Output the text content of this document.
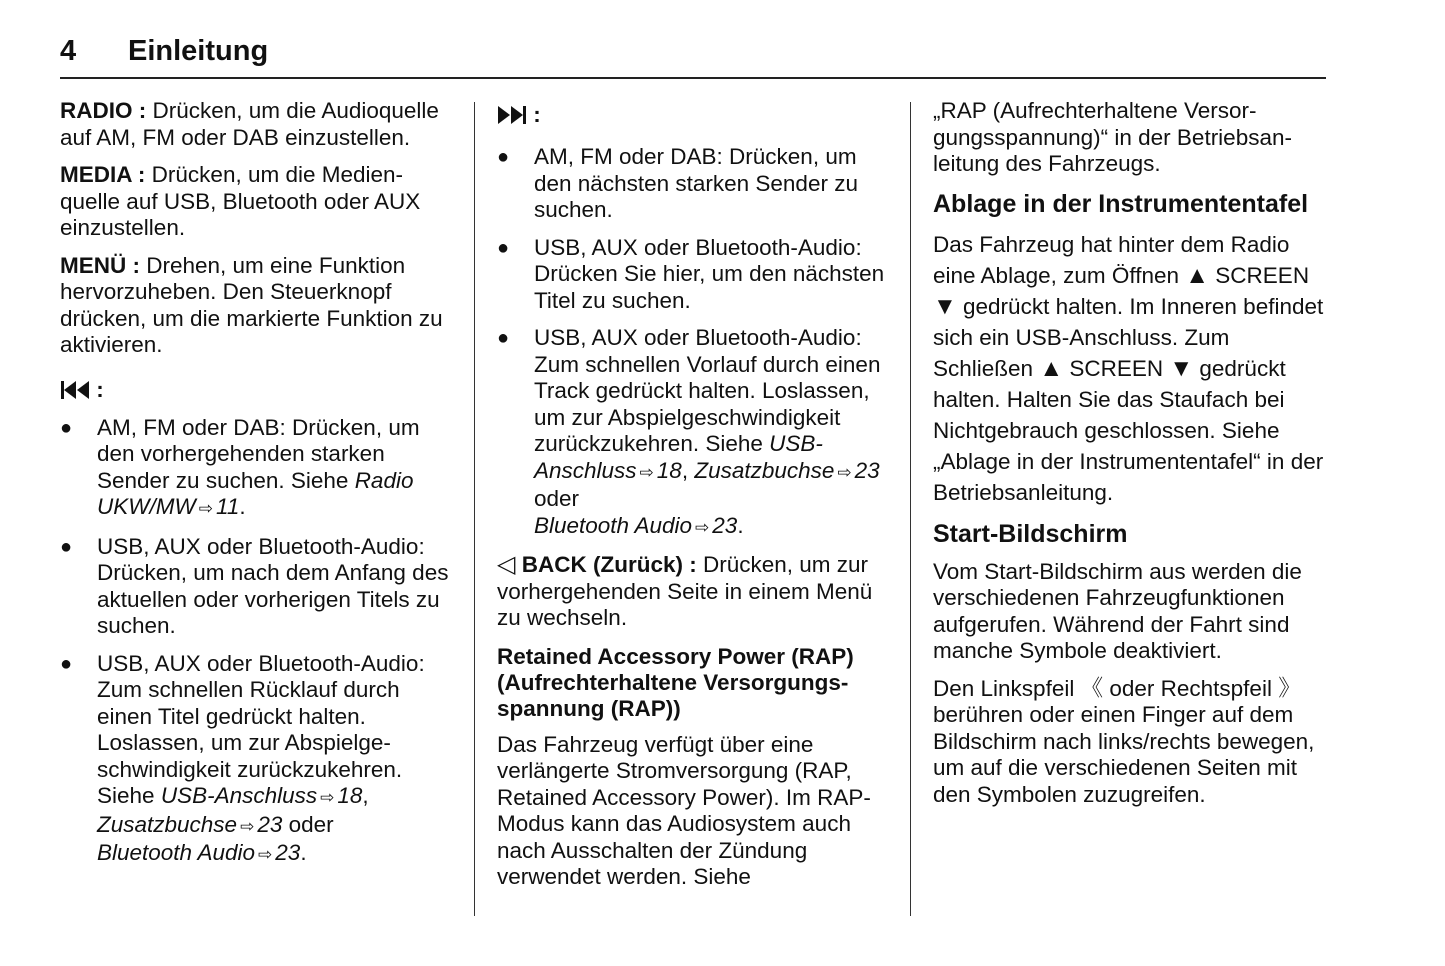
4 Einleitung

RADIO : Drücken, um die Audioquelle auf AM, FM oder DAB einzustellen.

MEDIA : Drücken, um die Medienquelle auf USB, Bluetooth oder AUX einzustellen.

MENÜ : Drehen, um eine Funktion hervorzuheben. Den Steuerknopf drücken, um die markierte Funktion zu aktivieren.

:
● AM, FM oder DAB: Drücken, um den vorhergehenden starken Sender zu suchen. Siehe Radio UKW/MW ⇨ 11.
● USB, AUX oder Bluetooth-Audio: Drücken, um nach dem Anfang des aktuellen oder vorherigen Titels zu suchen.
● USB, AUX oder Bluetooth-Audio: Zum schnellen Rücklauf durch einen Titel gedrückt halten. Loslassen, um zur Abspielgeschwindigkeit zurückzukehren. Siehe USB-Anschluss ⇨ 18, Zusatzbuchse ⇨ 23 oder
Bluetooth Audio ⇨ 23.
:
● AM, FM oder DAB: Drücken, um den nächsten starken Sender zu suchen.
● USB, AUX oder Bluetooth-Audio: Drücken Sie hier, um den nächsten Titel zu suchen.
● USB, AUX oder Bluetooth-Audio: Zum schnellen Vorlauf durch einen Track gedrückt halten. Loslassen, um zur Abspielgeschwindigkeit zurückzukehren. Siehe USB-Anschluss ⇨ 18, Zusatzbuchse ⇨ 23 oder
Bluetooth Audio ⇨ 23.

◁ BACK (Zurück) : Drücken, um zur vorhergehenden Seite in einem Menü zu wechseln.

Retained Accessory Power (RAP) (Aufrechterhaltene Versorgungsspannung (RAP))

Das Fahrzeug verfügt über eine verlängerte Stromversorgung (RAP, Retained Accessory Power). Im RAP-Modus kann das Audiosystem auch nach Ausschalten der Zündung verwendet werden. Siehe

„RAP (Aufrechterhaltene Versorgungsspannung)“ in der Betriebsanleitung des Fahrzeugs.

Ablage in der Instrumententafel

Das Fahrzeug hat hinter dem Radio eine Ablage, zum Öffnen ▲ SCREEN ▼ gedrückt halten. Im Inneren befindet sich ein USB-Anschluss. Zum Schließen ▲ SCREEN ▼ gedrückt halten. Halten Sie das Staufach bei Nichtgebrauch geschlossen. Siehe „Ablage in der Instrumententafel“ in der Betriebsanleitung.

Start-Bildschirm

Vom Start-Bildschirm aus werden die verschiedenen Fahrzeugfunktionen aufgerufen. Während der Fahrt sind manche Symbole deaktiviert.

Den Linkspfeil 《 oder Rechtspfeil 》 berühren oder einen Finger auf dem Bildschirm nach links/rechts bewegen, um auf die verschiedenen Seiten mit den Symbolen zuzugreifen.
